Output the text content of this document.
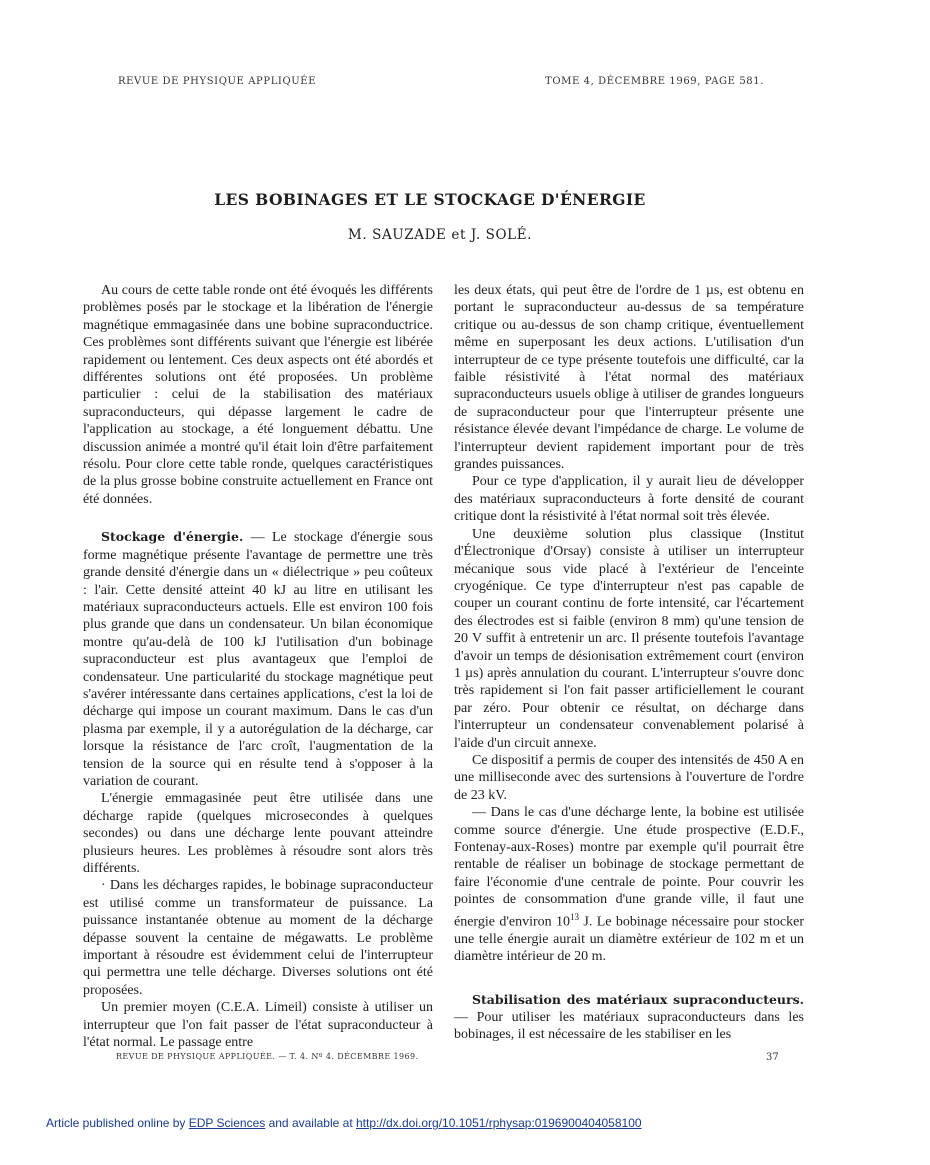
REVUE DE PHYSIQUE APPLIQUÉE	TOME 4, DÉCEMBRE 1969, PAGE 581.
LES BOBINAGES ET LE STOCKAGE D'ÉNERGIE
M. SAUZADE et J. SOLÉ.

Au cours de cette table ronde ont été évoqués les différents problèmes posés par le stockage et la libération de l'énergie magnétique emmagasinée dans une bobine supraconductrice. Ces problèmes sont différents suivant que l'énergie est libérée rapidement ou lentement. Ces deux aspects ont été abordés et différentes solutions ont été proposées. Un problème particulier : celui de la stabilisation des matériaux supraconducteurs, qui dépasse largement le cadre de l'application au stockage, a été longuement débattu. Une discussion animée a montré qu'il était loin d'être parfaitement résolu. Pour clore cette table ronde, quelques caractéristiques de la plus grosse bobine construite actuellement en France ont été données.

Stockage d'énergie. — Le stockage d'énergie sous forme magnétique présente l'avantage de permettre une très grande densité d'énergie dans un « diélectrique » peu coûteux : l'air. Cette densité atteint 40 kJ au litre en utilisant les matériaux supraconducteurs actuels. Elle est environ 100 fois plus grande que dans un condensateur. Un bilan économique montre qu'au-delà de 100 kJ l'utilisation d'un bobinage supraconducteur est plus avantageux que l'emploi de condensateur. Une particularité du stockage magnétique peut s'avérer intéressante dans certaines applications, c'est la loi de décharge qui impose un courant maximum. Dans le cas d'un plasma par exemple, il y a autorégulation de la décharge, car lorsque la résistance de l'arc croît, l'augmentation de la tension de la source qui en résulte tend à s'opposer à la variation de courant.

L'énergie emmagasinée peut être utilisée dans une décharge rapide (quelques microsecondes à quelques secondes) ou dans une décharge lente pouvant atteindre plusieurs heures. Les problèmes à résoudre sont alors très différents.

· Dans les décharges rapides, le bobinage supraconducteur est utilisé comme un transformateur de puissance. La puissance instantanée obtenue au moment de la décharge dépasse souvent la centaine de mégawatts. Le problème important à résoudre est évidemment celui de l'interrupteur qui permettra une telle décharge. Diverses solutions ont été proposées.

Un premier moyen (C.E.A. Limeil) consiste à utiliser un interrupteur que l'on fait passer de l'état supraconducteur à l'état normal. Le passage entre

les deux états, qui peut être de l'ordre de 1 µs, est obtenu en portant le supraconducteur au-dessus de sa température critique ou au-dessus de son champ critique, éventuellement même en superposant les deux actions. L'utilisation d'un interrupteur de ce type présente toutefois une difficulté, car la faible résistivité à l'état normal des matériaux supraconducteurs usuels oblige à utiliser de grandes longueurs de supraconducteur pour que l'interrupteur présente une résistance élevée devant l'impédance de charge. Le volume de l'interrupteur devient rapidement important pour de très grandes puissances.

Pour ce type d'application, il y aurait lieu de développer des matériaux supraconducteurs à forte densité de courant critique dont la résistivité à l'état normal soit très élevée.

Une deuxième solution plus classique (Institut d'Électronique d'Orsay) consiste à utiliser un interrupteur mécanique sous vide placé à l'extérieur de l'enceinte cryogénique. Ce type d'interrupteur n'est pas capable de couper un courant continu de forte intensité, car l'écartement des électrodes est si faible (environ 8 mm) qu'une tension de 20 V suffit à entretenir un arc. Il présente toutefois l'avantage d'avoir un temps de désionisation extrêmement court (environ 1 µs) après annulation du courant. L'interrupteur s'ouvre donc très rapidement si l'on fait passer artificiellement le courant par zéro. Pour obtenir ce résultat, on décharge dans l'interrupteur un condensateur convenablement polarisé à l'aide d'un circuit annexe.

Ce dispositif a permis de couper des intensités de 450 A en une milliseconde avec des surtensions à l'ouverture de l'ordre de 23 kV.

— Dans le cas d'une décharge lente, la bobine est utilisée comme source d'énergie. Une étude prospective (E.D.F., Fontenay-aux-Roses) montre par exemple qu'il pourrait être rentable de réaliser un bobinage de stockage permettant de faire l'économie d'une centrale de pointe. Pour couvrir les pointes de consommation d'une grande ville, il faut une énergie d'environ $10^{13}$ J. Le bobinage nécessaire pour stocker une telle énergie aurait un diamètre extérieur de 102 m et un diamètre intérieur de 20 m.

Stabilisation des matériaux supraconducteurs. — Pour utiliser les matériaux supraconducteurs dans les bobinages, il est nécessaire de les stabiliser en les

REVUE DE PHYSIQUE APPLIQUÉE. — T. 4. Nº 4. DÉCEMBRE 1969.	37
Article published online by EDP Sciences and available at http://dx.doi.org/10.1051/rphysap:0196900404058100
